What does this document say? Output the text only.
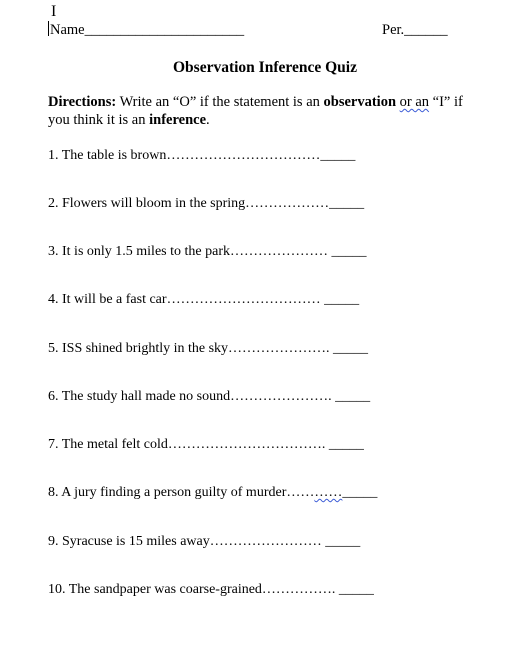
I
Name______________________	Per.______
Observation Inference Quiz
Directions: Write an “O” if the statement is an observation or an “I” if you think it is an inference.
1. The table is brown……………………………_____
2. Flowers will bloom in the spring………………_____
3. It is only 1.5 miles to the park………………… _____
4. It will be a fast car…………………………… _____
5. ISS shined brightly in the sky…………………. _____
6. The study hall made no sound…………………. _____
7. The metal felt cold……………………………. _____
8. A jury finding a person guilty of murder…………_____
9. Syracuse is 15 miles away…………………… _____
10. The sandpaper was coarse-grained……………. _____
